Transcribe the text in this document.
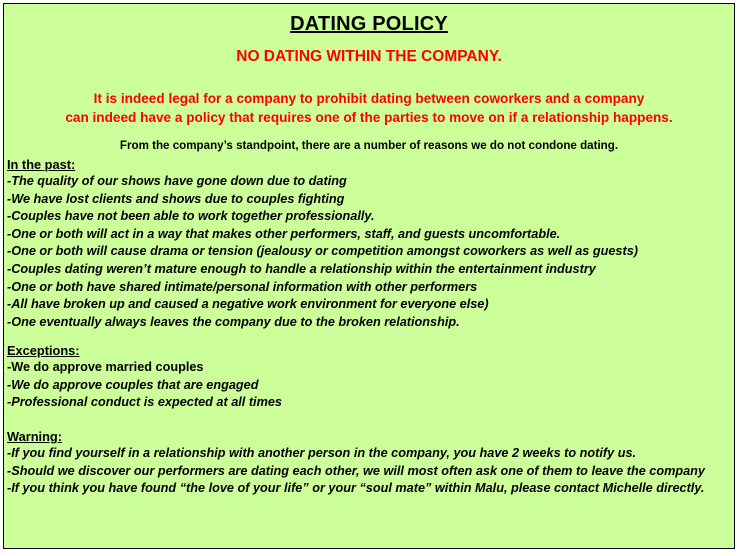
DATING POLICY
NO DATING WITHIN THE COMPANY.
It is indeed legal for a company to prohibit dating between coworkers and a company
can indeed have a policy that requires one of the parties to move on if a relationship happens.
From the company’s standpoint, there are a number of reasons we do not condone dating.
In the past:
-The quality of our shows have gone down due to dating
-We have lost clients and shows due to couples fighting
-Couples have not been able to work together professionally.
-One or both will act in a way that makes other performers, staff, and guests uncomfortable.
-One or both will cause drama or tension (jealousy or competition amongst coworkers as well as guests)
-Couples dating weren’t mature enough to handle a relationship within the entertainment industry
-One or both have shared intimate/personal information with other performers
-All have broken up and caused a negative work environment for everyone else)
-One eventually always leaves the company due to the broken relationship.
Exceptions:
-We do approve married couples
-We do approve couples that are engaged
-Professional conduct is expected at all times
Warning:
-If you find yourself in a relationship with another person in the company, you have 2 weeks to notify us.
-Should we discover our performers are dating each other, we will most often ask one of them to leave the company
-If you think you have found “the love of your life” or your “soul mate” within Malu, please contact Michelle directly.
